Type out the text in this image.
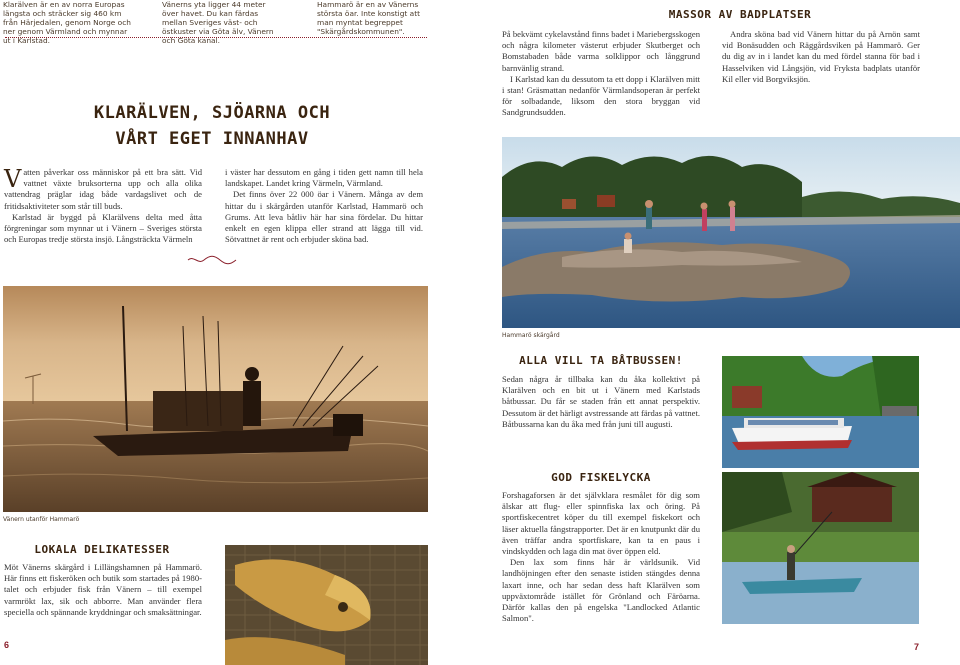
Klarälven är en av norra Europas längsta och sträcker sig 460 km från Härjedalen, genom Norge och ner genom Värmland och mynnar ut i Karlstad.
Vänerns yta ligger 44 meter över havet. Du kan färdas mellan Sveriges väst- och östkuster via Göta älv, Vänern och Göta kanal.
Hammarö är en av Vänerns största öar. Inte konstigt att man myntat begreppet "Skärgårdskommunen".
KLARÄLVEN, SJÖARNA OCH
VÅRT EGET INNANHAV

Vatten påverkar oss människor på ett bra sätt. Vid vattnet växte bruksorterna upp och alla olika vattendrag präglar idag både vardagslivet och de fritidsaktiviteter som står till buds.

Karlstad är byggd på Klarälvens delta med åtta förgreningar som mynnar ut i Vänern – Sveriges största och Europas tredje största insjö. Långsträckta Värmeln

i väster har dessutom en gång i tiden gett namn till hela landskapet. Landet kring Värmeln, Värmland.

Det finns över 22 000 öar i Vänern. Många av dem hittar du i skärgården utanför Karlstad, Hammarö och Grums. Att leva båtliv här har sina fördelar. Du hittar enkelt en egen klippa eller strand att lägga till vid. Sötvattnet är rent och erbjuder sköna bad.

Vänern utanför Hammarö
LOKALA DELIKATESSER

Möt Vänerns skärgård i Lillängshamnen på Hammarö. Här finns ett fiskeröken och butik som startades på 1980-talet och erbjuder fisk från Vänern – till exempel varmrökt lax, sik och abborre. Man använder flera speciella och spännande kryddningar och smaksättningar.

6

På bekvämt cykelavstånd finns badet i Mariebergsskogen och några kilometer västerut erbjuder Skutberget och Bomstabaden både varma solklippor och långgrund barnvänlig strand.

I Karlstad kan du dessutom ta ett dopp i Klarälven mitt i stan! Gräsmattan nedanför Värmlandsoperan är perfekt för solbadande, liksom den stora bryggan vid Sandgrundsudden.

MASSOR AV BADPLATSER

Andra sköna bad vid Vänern hittar du på Arnön samt vid Bonäsudden och Räggårdsviken på Hammarö. Ger du dig av in i landet kan du med fördel stanna för bad i Hasselviken vid Långsjön, vid Fryksta badplats utanför Kil eller vid Borgviksjön.

Hammarö skärgård
ALLA VILL TA BÅTBUSSEN!

Sedan några år tillbaka kan du åka kollektivt på Klarälven och en bit ut i Vänern med Karlstads båtbussar. Du får se staden från ett annat perspektiv. Dessutom är det härligt avstressande att färdas på vattnet. Båtbussarna kan du åka med från juni till augusti.

GOD FISKELYCKA

Forshagaforsen är det självklara resmålet för dig som älskar att flug- eller spinnfiska lax och öring. På sportfiskecentret köper du till exempel fiskekort och läser aktuella fångstrapporter. Det är en knutpunkt där du även träffar andra sportfiskare, kan ta en paus i vindskydden och laga din mat över öppen eld.

Den lax som finns här är världsunik. Vid landhöjningen efter den senaste istiden stängdes denna laxart inne, och har sedan dess haft Klarälven som uppväxtområde istället för Grönland och Färöarna. Därför kallas den på engelska "Landlocked Atlantic Salmon".

7
